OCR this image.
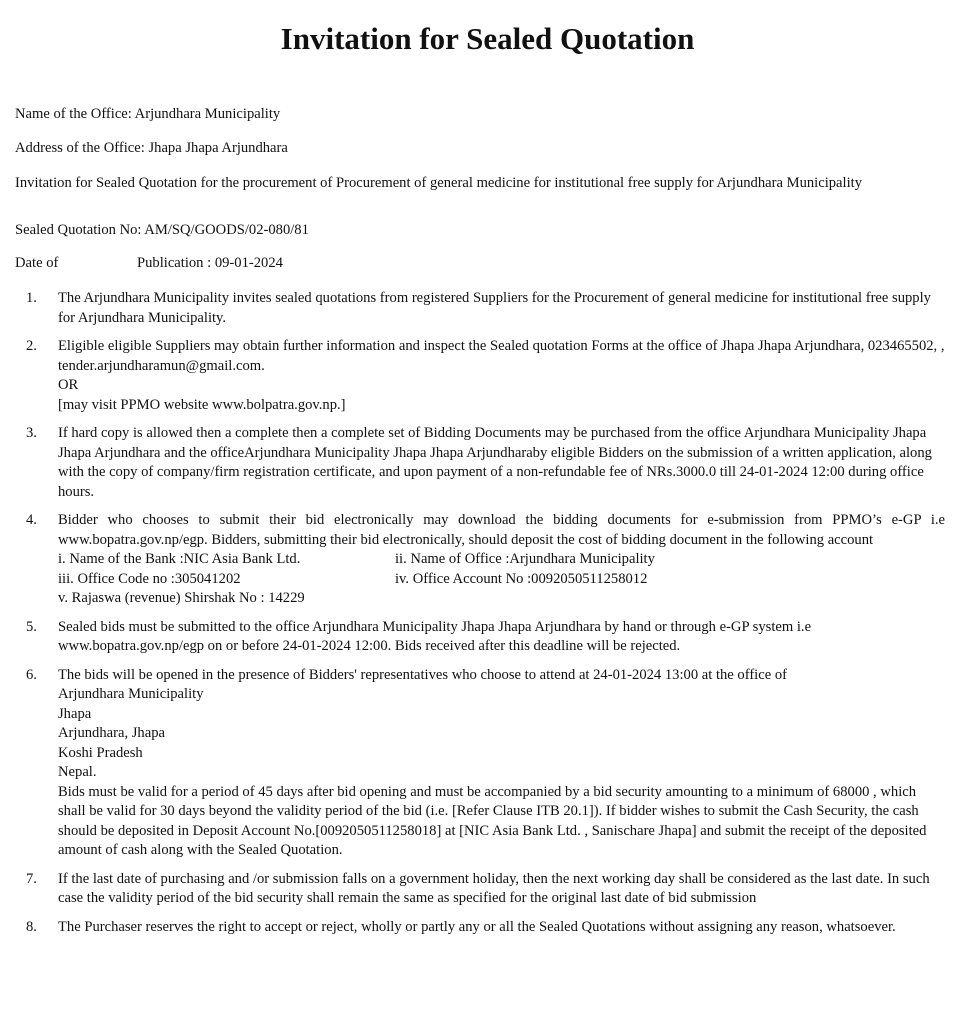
Invitation for Sealed Quotation
Name of the Office: Arjundhara Municipality
Address of the Office: Jhapa Jhapa Arjundhara
Invitation for Sealed Quotation for the procurement of Procurement of general medicine for institutional free supply for Arjundhara Municipality
Sealed Quotation No: AM/SQ/GOODS/02-080/81
Date of	Publication : 09-01-2024
1. The Arjundhara Municipality invites sealed quotations from registered Suppliers for the Procurement of general medicine for institutional free supply for Arjundhara Municipality.
2. Eligible eligible Suppliers may obtain further information and inspect the Sealed quotation Forms at the office of Jhapa Jhapa Arjundhara, 023465502, , tender.arjundharamun@gmail.com.
OR
[may visit PPMO website www.bolpatra.gov.np.]
3. If hard copy is allowed then a complete then a complete set of Bidding Documents may be purchased from the office Arjundhara Municipality Jhapa Jhapa Arjundhara and the officeArjundhara Municipality Jhapa Jhapa Arjundharaby eligible Bidders on the submission of a written application, along with the copy of company/firm registration certificate, and upon payment of a non-refundable fee of NRs.3000.0 till 24-01-2024 12:00 during office hours.
4. Bidder who chooses to submit their bid electronically may download the bidding documents for e-submission from PPMO’s e-GP i.e www.bopatra.gov.np/egp. Bidders, submitting their bid electronically, should deposit the cost of bidding document in the following account
i. Name of the Bank :NIC Asia Bank Ltd.	ii. Name of Office :Arjundhara Municipality
iii. Office Code no :305041202	iv. Office Account No :0092050511258012
v. Rajaswa (revenue) Shirshak No : 14229
5. Sealed bids must be submitted to the office Arjundhara Municipality Jhapa Jhapa Arjundhara by hand or through e-GP system i.e www.bopatra.gov.np/egp on or before 24-01-2024 12:00. Bids received after this deadline will be rejected.
6. The bids will be opened in the presence of Bidders' representatives who choose to attend at 24-01-2024 13:00 at the office of
Arjundhara Municipality
Jhapa
Arjundhara, Jhapa
Koshi Pradesh
Nepal.
Bids must be valid for a period of 45 days after bid opening and must be accompanied by a bid security amounting to a minimum of 68000 , which shall be valid for 30 days beyond the validity period of the bid (i.e. [Refer Clause ITB 20.1]). If bidder wishes to submit the Cash Security, the cash should be deposited in Deposit Account No.[0092050511258018] at [NIC Asia Bank Ltd. , Sanischare Jhapa] and submit the receipt of the deposited amount of cash along with the Sealed Quotation.
7. If the last date of purchasing and /or submission falls on a government holiday, then the next working day shall be considered as the last date. In such case the validity period of the bid security shall remain the same as specified for the original last date of bid submission
8. The Purchaser reserves the right to accept or reject, wholly or partly any or all the Sealed Quotations without assigning any reason, whatsoever.
